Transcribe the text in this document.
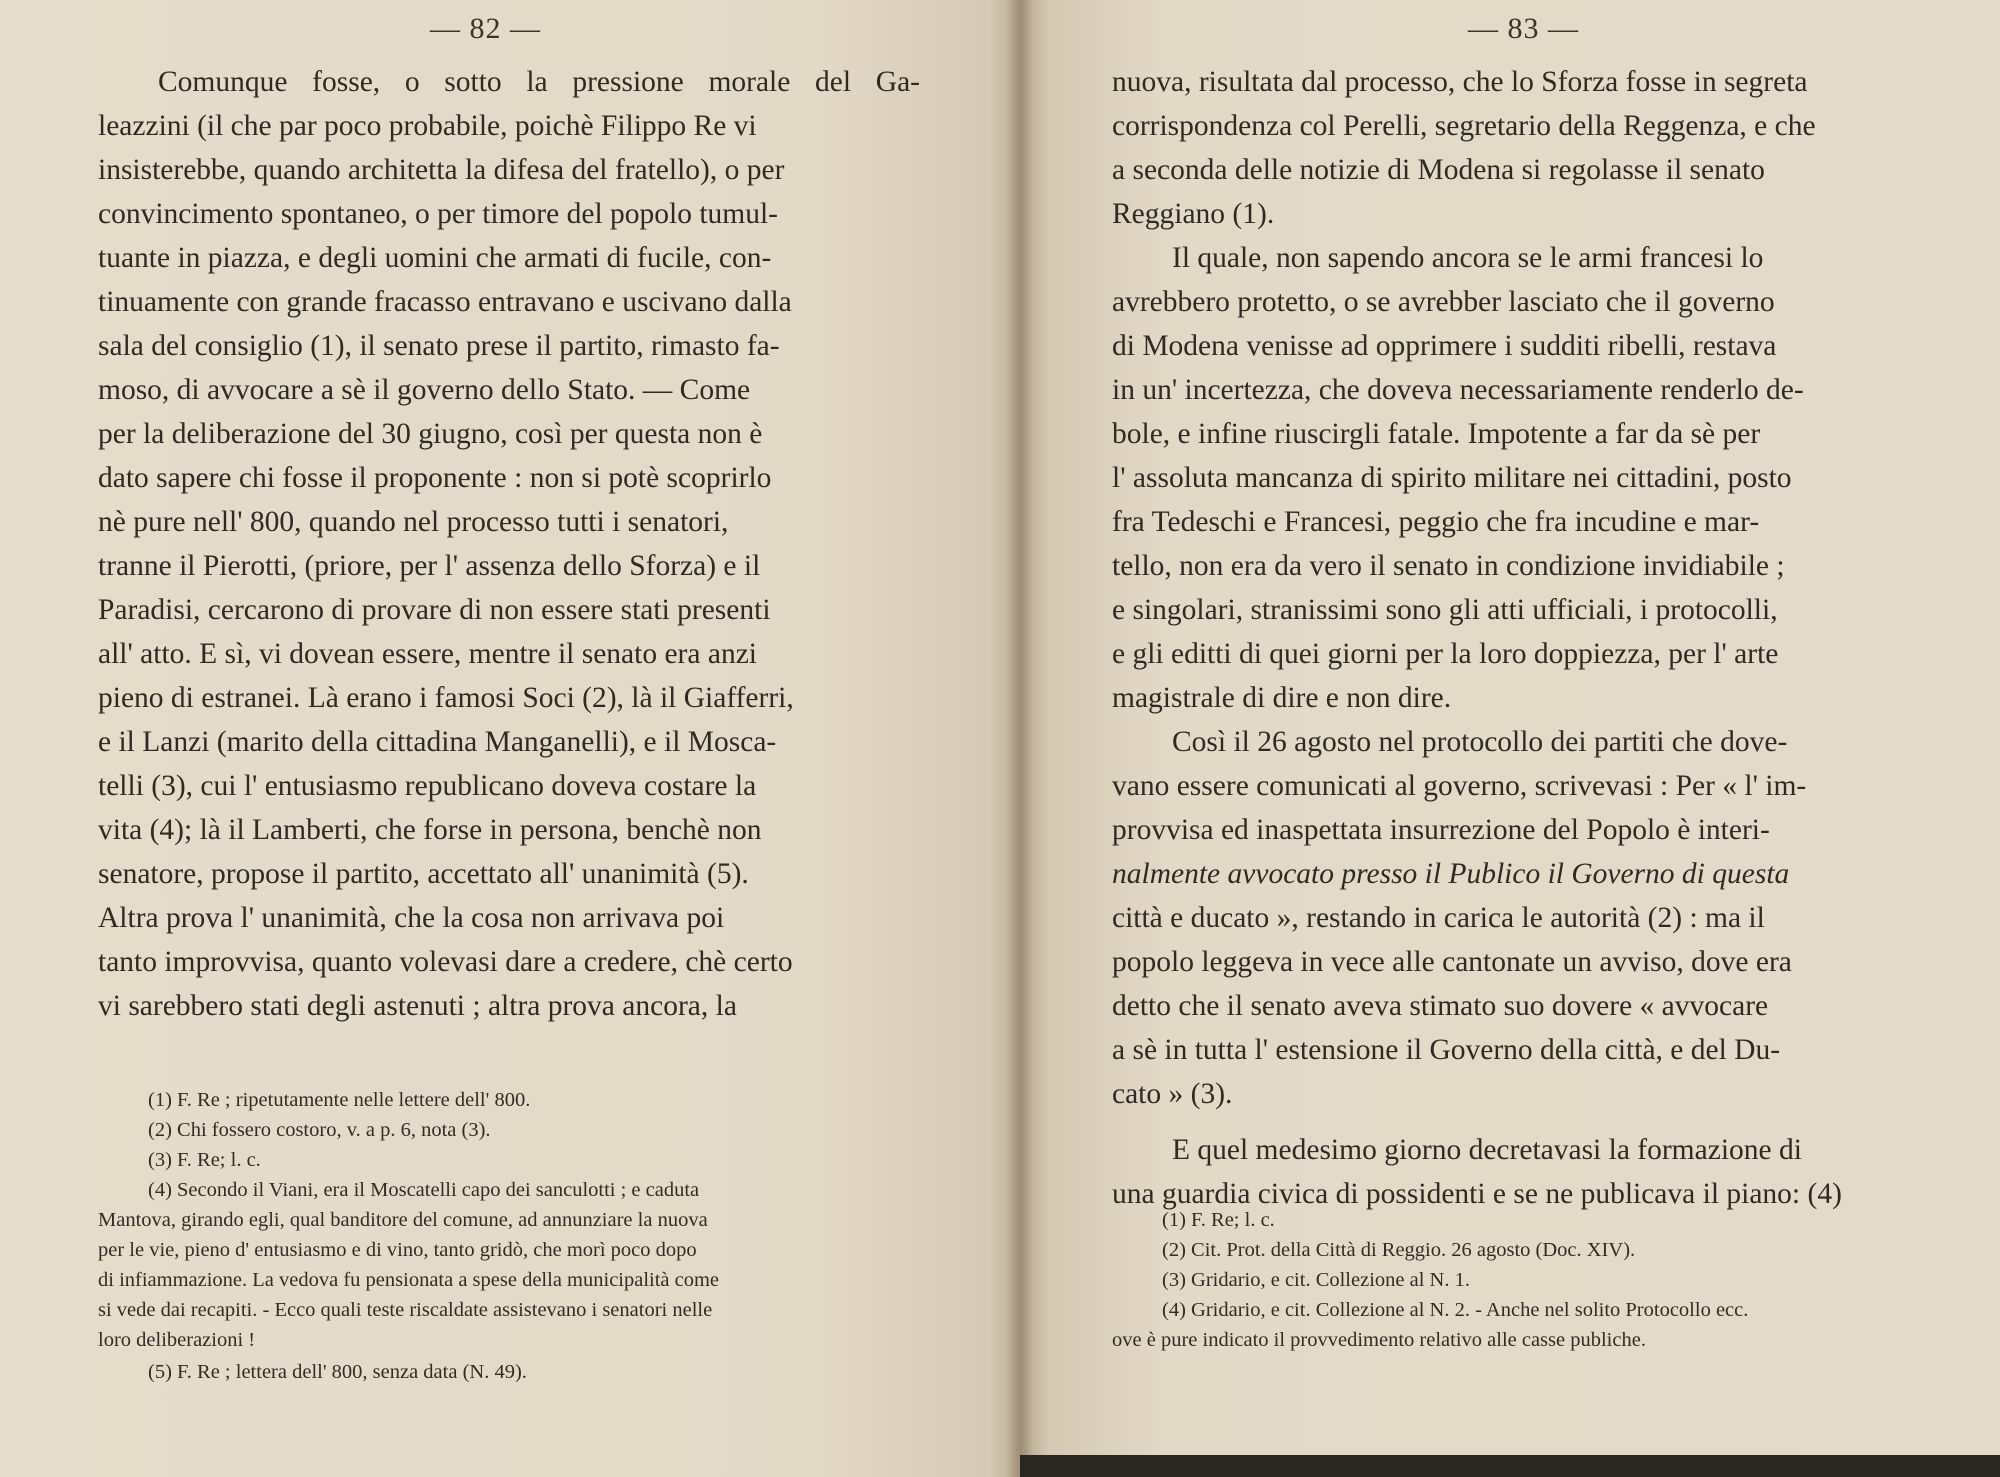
— 82 —
Comunque fosse, o sotto la pressione morale del Ga-
leazzini (il che par poco probabile, poichè Filippo Re vi
insisterebbe, quando architetta la difesa del fratello), o per
convincimento spontaneo, o per timore del popolo tumul-
tuante in piazza, e degli uomini che armati di fucile, con-
tinuamente con grande fracasso entravano e uscivano dalla
sala del consiglio (1), il senato prese il partito, rimasto fa-
moso, di avvocare a sè il governo dello Stato. — Come
per la deliberazione del 30 giugno, così per questa non è
dato sapere chi fosse il proponente : non si potè scoprirlo
nè pure nell' 800, quando nel processo tutti i senatori,
tranne il Pierotti, (priore, per l' assenza dello Sforza) e il
Paradisi, cercarono di provare di non essere stati presenti
all' atto. E sì, vi dovean essere, mentre il senato era anzi
pieno di estranei. Là erano i famosi Soci (2), là il Giafferri,
e il Lanzi (marito della cittadina Manganelli), e il Mosca-
telli (3), cui l' entusiasmo republicano doveva costare la
vita (4); là il Lamberti, che forse in persona, benchè non
senatore, propose il partito, accettato all' unanimità (5).
Altra prova l' unanimità, che la cosa non arrivava poi
tanto improvvisa, quanto volevasi dare a credere, chè certo
vi sarebbero stati degli astenuti ; altra prova ancora, la
(1) F. Re ; ripetutamente nelle lettere dell' 800.
(2) Chi fossero costoro, v. a p. 6, nota (3).
(3) F. Re; l. c.
(4) Secondo il Viani, era il Moscatelli capo dei sanculotti ; e caduta
Mantova, girando egli, qual banditore del comune, ad annunziare la nuova
per le vie, pieno d' entusiasmo e di vino, tanto gridò, che morì poco dopo
di infiammazione. La vedova fu pensionata a spese della municipalità come
si vede dai recapiti. - Ecco quali teste riscaldate assistevano i senatori nelle
loro deliberazioni !
(5) F. Re ; lettera dell' 800, senza data (N. 49).
— 83 —
nuova, risultata dal processo, che lo Sforza fosse in segreta
corrispondenza col Perelli, segretario della Reggenza, e che
a seconda delle notizie di Modena si regolasse il senato
Reggiano (1).
Il quale, non sapendo ancora se le armi francesi lo
avrebbero protetto, o se avrebber lasciato che il governo
di Modena venisse ad opprimere i sudditi ribelli, restava
in un' incertezza, che doveva necessariamente renderlo de-
bole, e infine riuscirgli fatale. Impotente a far da sè per
l' assoluta mancanza di spirito militare nei cittadini, posto
fra Tedeschi e Francesi, peggio che fra incudine e mar-
tello, non era da vero il senato in condizione invidiabile ;
e singolari, stranissimi sono gli atti ufficiali, i protocolli,
e gli editti di quei giorni per la loro doppiezza, per l' arte
magistrale di dire e non dire.
Così il 26 agosto nel protocollo dei partiti che dove-
vano essere comunicati al governo, scrivevasi : Per « l' im-
provvisa ed inaspettata insurrezione del Popolo è interi-
nalmente avvocato presso il Publico il Governo di questa
città e ducato », restando in carica le autorità (2) : ma il
popolo leggeva in vece alle cantonate un avviso, dove era
detto che il senato aveva stimato suo dovere « avvocare
a sè in tutta l' estensione il Governo della città, e del Du-
cato » (3).
E quel medesimo giorno decretavasi la formazione di
una guardia civica di possidenti e se ne publicava il piano: (4)
(1) F. Re; l. c.
(2) Cit. Prot. della Città di Reggio. 26 agosto (Doc. XIV).
(3) Gridario, e cit. Collezione al N. 1.
(4) Gridario, e cit. Collezione al N. 2. - Anche nel solito Protocollo ecc.
ove è pure indicato il provvedimento relativo alle casse publiche.
